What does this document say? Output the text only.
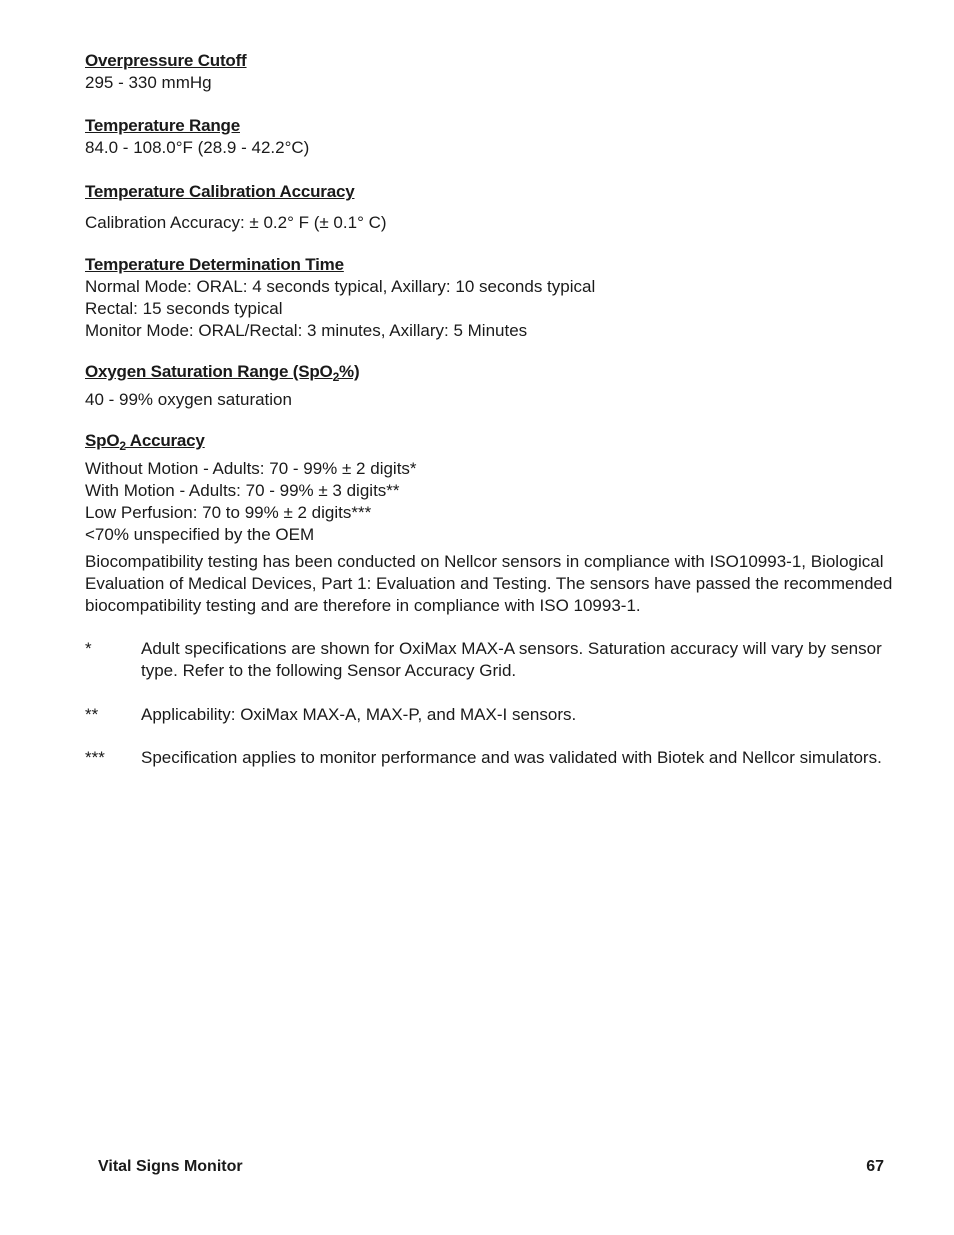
Overpressure Cutoff

295 - 330 mmHg

Temperature Range

84.0 - 108.0°F (28.9 - 42.2°C)

Temperature Calibration Accuracy

Calibration Accuracy: ± 0.2° F (± 0.1° C)

Temperature Determination Time

Normal Mode: ORAL: 4 seconds typical, Axillary: 10 seconds typical

Rectal: 15 seconds typical

Monitor Mode: ORAL/Rectal: 3 minutes, Axillary: 5 Minutes

Oxygen Saturation Range (SpO$_2$%)

40 - 99% oxygen saturation

SpO$_2$ Accuracy

Without Motion - Adults: 70 - 99% ± 2 digits*

With Motion - Adults: 70 - 99% ± 3 digits**

Low Perfusion: 70 to 99% ± 2 digits***

<70% unspecified by the OEM

Biocompatibility testing has been conducted on Nellcor sensors in compliance with ISO10993-1, Biological Evaluation of Medical Devices, Part 1: Evaluation and Testing. The sensors have passed the recommended biocompatibility testing and are therefore in compliance with ISO 10993-1.

*	Adult specifications are shown for OxiMax MAX-A sensors. Saturation accuracy will vary by sensor type. Refer to the following Sensor Accuracy Grid.
**	Applicability: OxiMax MAX-A, MAX-P, and MAX-I sensors.
***	Specification applies to monitor performance and was validated with Biotek and Nellcor simulators.
Vital Signs Monitor	67
